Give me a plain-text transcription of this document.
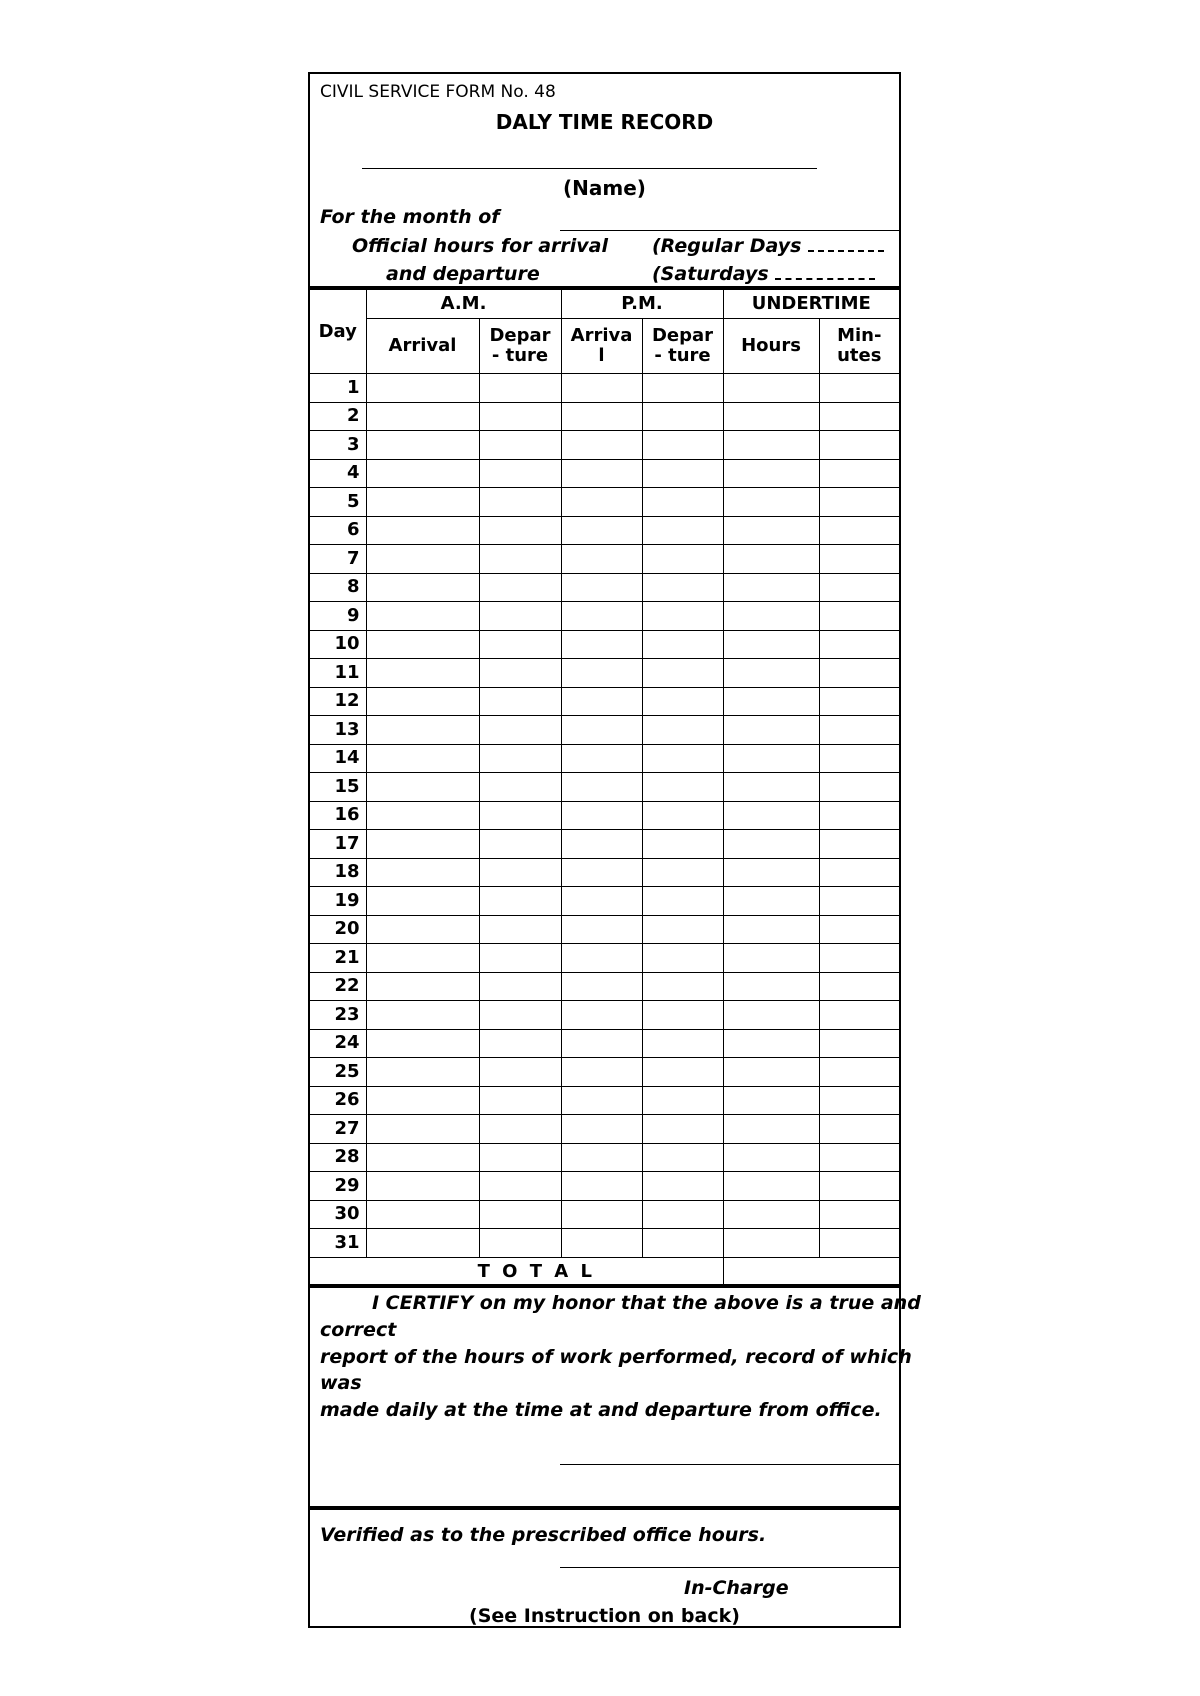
CIVIL SERVICE FORM No. 48
DALY TIME RECORD
(Name)
For the month of
Official hours for arrival
and departure
(Regular Days
(Saturdays
Day	A.M.		P.M.		UNDERTIME	
	Arrival	Depar - ture	Arriva l	Depar - ture	Hours	Min- utes
1						
2						
3						
4						
5						
6						
7						
8						
9						
10						
11						
12						
13						
14						
15						
16						
17						
18						
19						
20						
21						
22						
23						
24						
25						
26						
27						
28						
29						
30						
31						
T O T A L						
I CERTIFY on my honor that the above is a true and
correct
report of the hours of work performed, record of which
was
made daily at the time at and departure from office.
Verified as to the prescribed office hours.
In-Charge
(See Instruction on back)
